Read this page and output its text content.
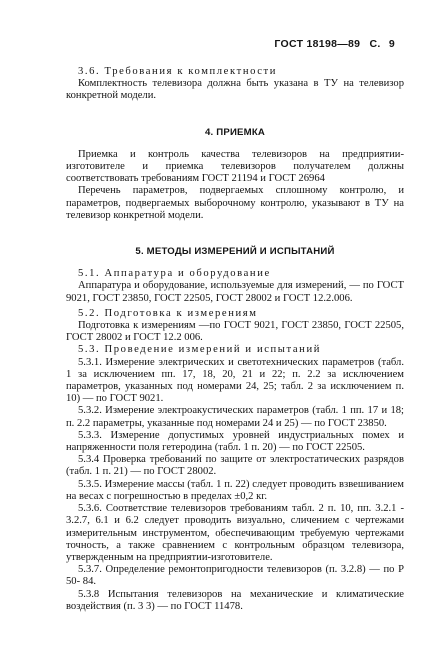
ГОСТ 18198—89 С. 9

3.6. Требования к комплектности

Комплектность телевизора должна быть указана в ТУ на телевизор конкретной модели.

4. ПРИЕМКА

Приемка и контроль качества телевизоров на предприятии-изготовителе и приемка телевизоров получателем должны соответствовать требованиям ГОСТ 21194 и ГОСТ 26964

Перечень параметров, подвергаемых сплошному контролю, и параметров, подвергаемых выборочному контролю, указывают в ТУ на телевизор конкретной модели.

5. МЕТОДЫ ИЗМЕРЕНИЙ И ИСПЫТАНИЙ

5.1. Аппаратура и оборудование

Аппаратура и оборудование, используемые для измерений, — по ГОСТ 9021, ГОСТ 23850, ГОСТ 22505, ГОСТ 28002 и ГОСТ 12.2.006.

5.2. Подготовка к измерениям

Подготовка к измерениям —по ГОСТ 9021, ГОСТ 23850, ГОСТ 22505, ГОСТ 28002 и ГОСТ 12.2 006.

5.3. Проведение измерений и испытаний

5.3.1. Измерение электрических и светотехнических параметров (табл. 1 за исключением пп. 17, 18, 20, 21 и 22; п. 2.2 за исключением параметров, указанных под номерами 24, 25; табл. 2 за исключением п. 10) — по ГОСТ 9021.

5.3.2. Измерение электроакустических параметров (табл. 1 пп. 17 и 18; п. 2.2 параметры, указанные под номерами 24 и 25) — по ГОСТ 23850.

5.3.3. Измерение допустимых уровней индустриальных помех и напряженности поля гетеродина (табл. 1 п. 20) — по ГОСТ 22505.

5.3.4 Проверка требований по защите от электростатических разрядов (табл. 1 п. 21) — по ГОСТ 28002.

5.3.5. Измерение массы (табл. 1 п. 22) следует проводить взвешиванием на весах с погрешностью в пределах ±0,2 кг.

5.3.6. Соответствие телевизоров требованиям табл. 2 п. 10, пп. 3.2.1 - 3.2.7, 6.1 и 6.2 следует проводить визуально, сличением с чертежами измерительным инструментом, обеспечивающим требуемую чертежами точность, а также сравнением с контрольным образцом телевизора, утвержденным на предприятии-изготовителе.

5.3.7. Определение ремонтопригодности телевизоров (п. 3.2.8) — по Р 50- 84.

5.3.8 Испытания телевизоров на механические и климатические воздействия (п. 3 3) — по ГОСТ 11478.
